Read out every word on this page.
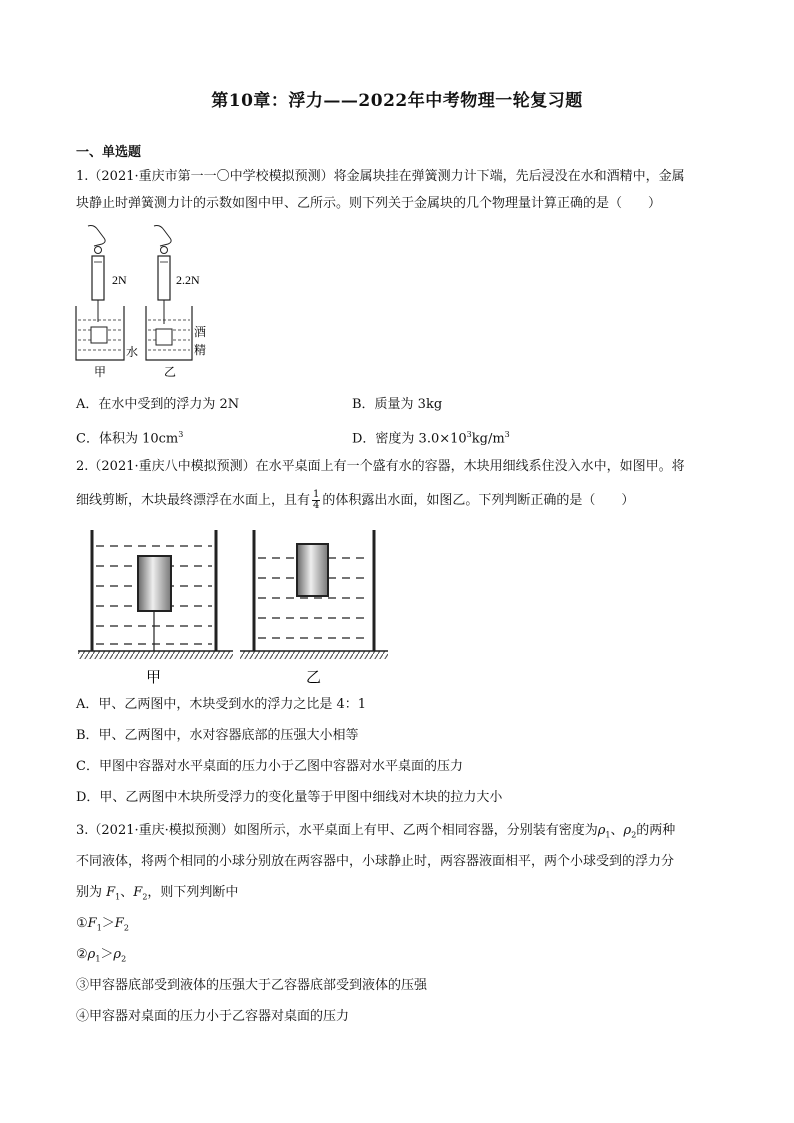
第10章：浮力——2022年中考物理一轮复习题
一、单选题
1.（2021·重庆市第一一〇中学校模拟预测）将金属块挂在弹簧测力计下端，先后浸没在水和酒精中，金属
块静止时弹簧测力计的示数如图中甲、乙所示。则下列关于金属块的几个物理量计算正确的是（　　）
2N
水
甲
2.2N
酒
精
乙
A．在水中受到的浮力为 2N	B．质量为 3kg
C．体积为 $10cm^3$	D．密度为 $3.0\times 10^3kg/m^3$
2.（2021·重庆八中模拟预测）在水平桌面上有一个盛有水的容器，木块用细线系住没入水中，如图甲。将
细线剪断，木块最终漂浮在水面上，且有 $\frac{1}{4}$ 的体积露出水面，如图乙。下列判断正确的是（　　）
甲	乙
A．甲、乙两图中，木块受到水的浮力之比是 4：1
B．甲、乙两图中，水对容器底部的压强大小相等
C．甲图中容器对水平桌面的压力小于乙图中容器对水平桌面的压力
D．甲、乙两图中木块所受浮力的变化量等于甲图中细线对木块的拉力大小
3.（2021·重庆·模拟预测）如图所示，水平桌面上有甲、乙两个相同容器，分别装有密度为$\rho_1$、$\rho_2$的两种
不同液体，将两个相同的小球分别放在两容器中，小球静止时，两容器液面相平，两个小球受到的浮力分
别为 $F_1$、$F_2$，则下列判断中
$①F_1>F_2$
$②\rho_1>\rho_2$
③甲容器底部受到液体的压强大于乙容器底部受到液体的压强
④甲容器对桌面的压力小于乙容器对桌面的压力
